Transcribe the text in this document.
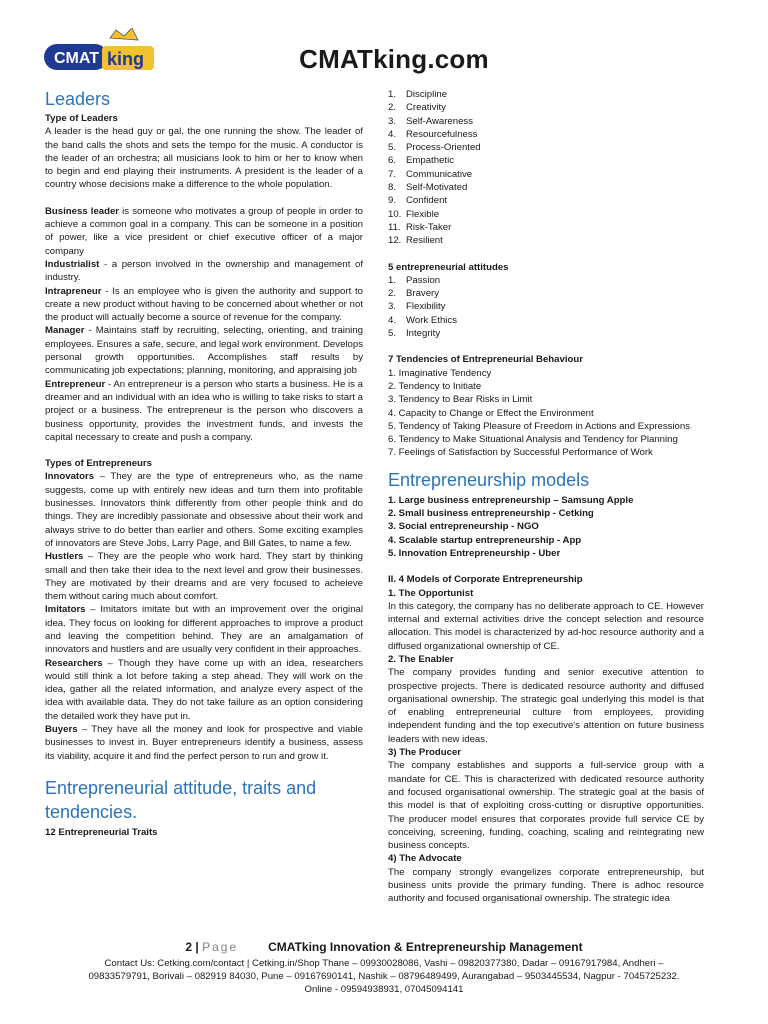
CMAT king	CMATking.com
Leaders

Type of Leaders

A leader is the head guy or gal, the one running the show. The leader of the band calls the shots and sets the tempo for the music. A conductor is the leader of an orchestra; all musicians look to him or her to know when to begin and end playing their instruments. A president is the leader of a country whose decisions make a difference to the whole population.

Business leader is someone who motivates a group of people in order to achieve a common goal in a company. This can be someone in a position of power, like a vice president or chief executive officer of a major company

Industrialist - a person involved in the ownership and management of industry.

Intrapreneur - Is an employee who is given the authority and support to create a new product without having to be concerned about whether or not the product will actually become a source of revenue for the company.

Manager - Maintains staff by recruiting, selecting, orienting, and training employees. Ensures a safe, secure, and legal work environment. Develops personal growth opportunities. Accomplishes staff results by communicating job expectations; planning, monitoring, and appraising job

Entrepreneur - An entrepreneur is a person who starts a business. He is a dreamer and an individual with an idea who is willing to take risks to start a project or a business. The entrepreneur is the person who discovers a business opportunity, provides the investment funds, and invests the capital necessary to create and push a company.

Types of Entrepreneurs

Innovators – They are the type of entrepreneurs who, as the name suggests, come up with entirely new ideas and turn them into profitable businesses. Innovators think differently from other people think and do things. They are incredibly passionate and obsessive about their work and always strive to do better than earlier and others. Some exciting examples of innovators are Steve Jobs, Larry Page, and Bill Gates, to name a few.

Hustlers – They are the people who work hard. They start by thinking small and then take their idea to the next level and grow their businesses. They are motivated by their dreams and are very focused to acheieve them without caring much about comfort.

Imitators – Imitators imitate but with an improvement over the original idea. They focus on looking for different approaches to improve a product and leaving the competition behind. They are an amalgamation of innovators and hustlers and are usually very confident in their approaches.

Researchers – Though they have come up with an idea, researchers would still think a lot before taking a step ahead. They will work on the idea, gather all the related information, and analyze every aspect of the idea with available data. They do not take failure as an option considering the detailed work they have put in.

Buyers – They have all the money and look for prospective and viable businesses to invest in. Buyer entrepreneurs identify a business, assess its viability, acquire it and find the perfect person to run and grow it.

Entrepreneurial attitude, traits and tendencies.

12 Entrepreneurial Traits

1.	Discipline
2.	Creativity
3.	Self-Awareness
4.	Resourcefulness
5.	Process-Oriented
6.	Empathetic
7.	Communicative
8.	Self-Motivated
9.	Confident
10. Flexible
11. Risk-Taker
12. Resilient

5 entrepreneurial attitudes

1.	Passion
2.	Bravery
3.	Flexibility
4.	Work Ethics
5.	Integrity

7 Tendencies of Entrepreneurial Behaviour

1. Imaginative Tendency

2. Tendency to Initiate

3. Tendency to Bear Risks in Limit

4. Capacity to Change or Effect the Environment

5. Tendency of Taking Pleasure of Freedom in Actions and Expressions

6. Tendency to Make Situational Analysis and Tendency for Planning

7. Feelings of Satisfaction by Successful Performance of Work

Entrepreneurship models

1. Large business entrepreneurship – Samsung Apple

2. Small business entrepreneurship - Cetking

3. Social entrepreneurship - NGO

4. Scalable startup entrepreneurship - App

5. Innovation Entrepreneurship - Uber

II. 4 Models of Corporate Entrepreneurship

1. The Opportunist

In this category, the company has no deliberate approach to CE. However internal and external activities drive the concept selection and resource allocation. This model is characterized by ad-hoc resource authority and a diffused organizational ownership of CE.

2. The Enabler

The company provides funding and senior executive attention to prospective projects. There is dedicated resource authority and diffused organisational ownership. The strategic goal underlying this model is that of enabling entrepreneurial culture from employees, providing independent funding and the top executive's attention on future business leaders with new ideas.

3) The Producer

The company establishes and supports a full-service group with a mandate for CE. This is characterized with dedicated resource authority and focused organisational ownership. The strategic goal at the basis of this model is that of exploiting cross-cutting or disruptive opportunities. The producer model ensures that corporates provide full service CE by conceiving, screening, funding, coaching, scaling and reintegrating new business concepts.

4) The Advocate

The company strongly evangelizes corporate entrepreneurship, but business units provide the primary funding. There is adhoc resource authority and focused organisational ownership. The strategic idea

2 | Page	CMATking Innovation & Entrepreneurship Management
Contact Us: Cetking.com/contact | Cetking.in/Shop Thane – 09930028086, Vashi – 09820377380, Dadar – 09167917984, Andheri – 09833579791, Borivali – 082919 84030, Pune – 09167690141, Nashik – 08796489499, Aurangabad – 9503445534, Nagpur - 7045725232. Online - 09594938931, 07045094141
